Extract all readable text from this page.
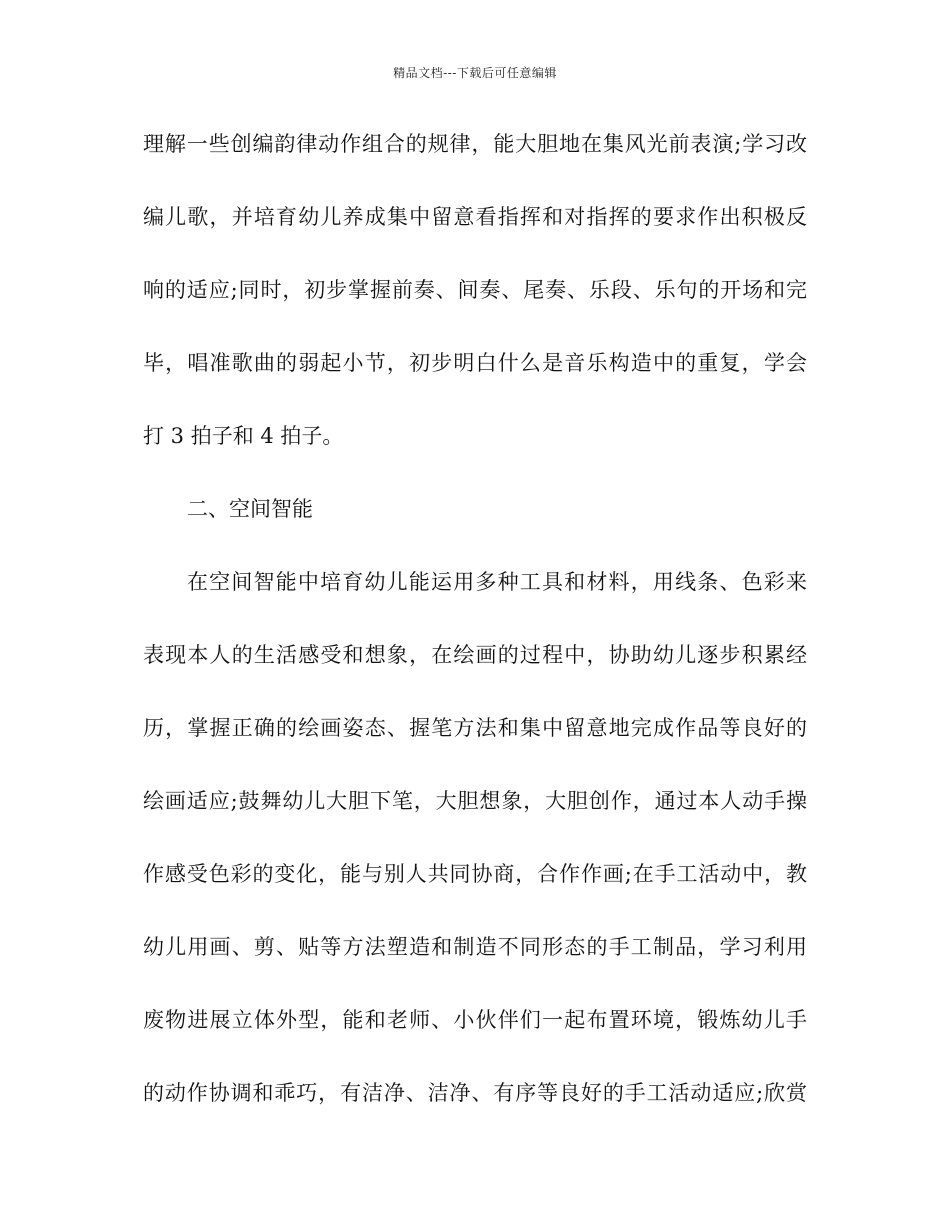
精品文档---下载后可任意编辑
理解一些创编韵律动作组合的规律，能大胆地在集风光前表演;学习改
编儿歌，并培育幼儿养成集中留意看指挥和对指挥的要求作出积极反
响的适应;同时，初步掌握前奏、间奏、尾奏、乐段、乐句的开场和完
毕，唱准歌曲的弱起小节，初步明白什么是音乐构造中的重复，学会
打 3 拍子和 4 拍子。
二、空间智能
在空间智能中培育幼儿能运用多种工具和材料，用线条、色彩来
表现本人的生活感受和想象，在绘画的过程中，协助幼儿逐步积累经
历，掌握正确的绘画姿态、握笔方法和集中留意地完成作品等良好的
绘画适应;鼓舞幼儿大胆下笔，大胆想象，大胆创作，通过本人动手操
作感受色彩的变化，能与别人共同协商，合作作画;在手工活动中，教
幼儿用画、剪、贴等方法塑造和制造不同形态的手工制品，学习利用
废物进展立体外型，能和老师、小伙伴们一起布置环境，锻炼幼儿手
的动作协调和乖巧，有洁净、洁净、有序等良好的手工活动适应;欣赏
